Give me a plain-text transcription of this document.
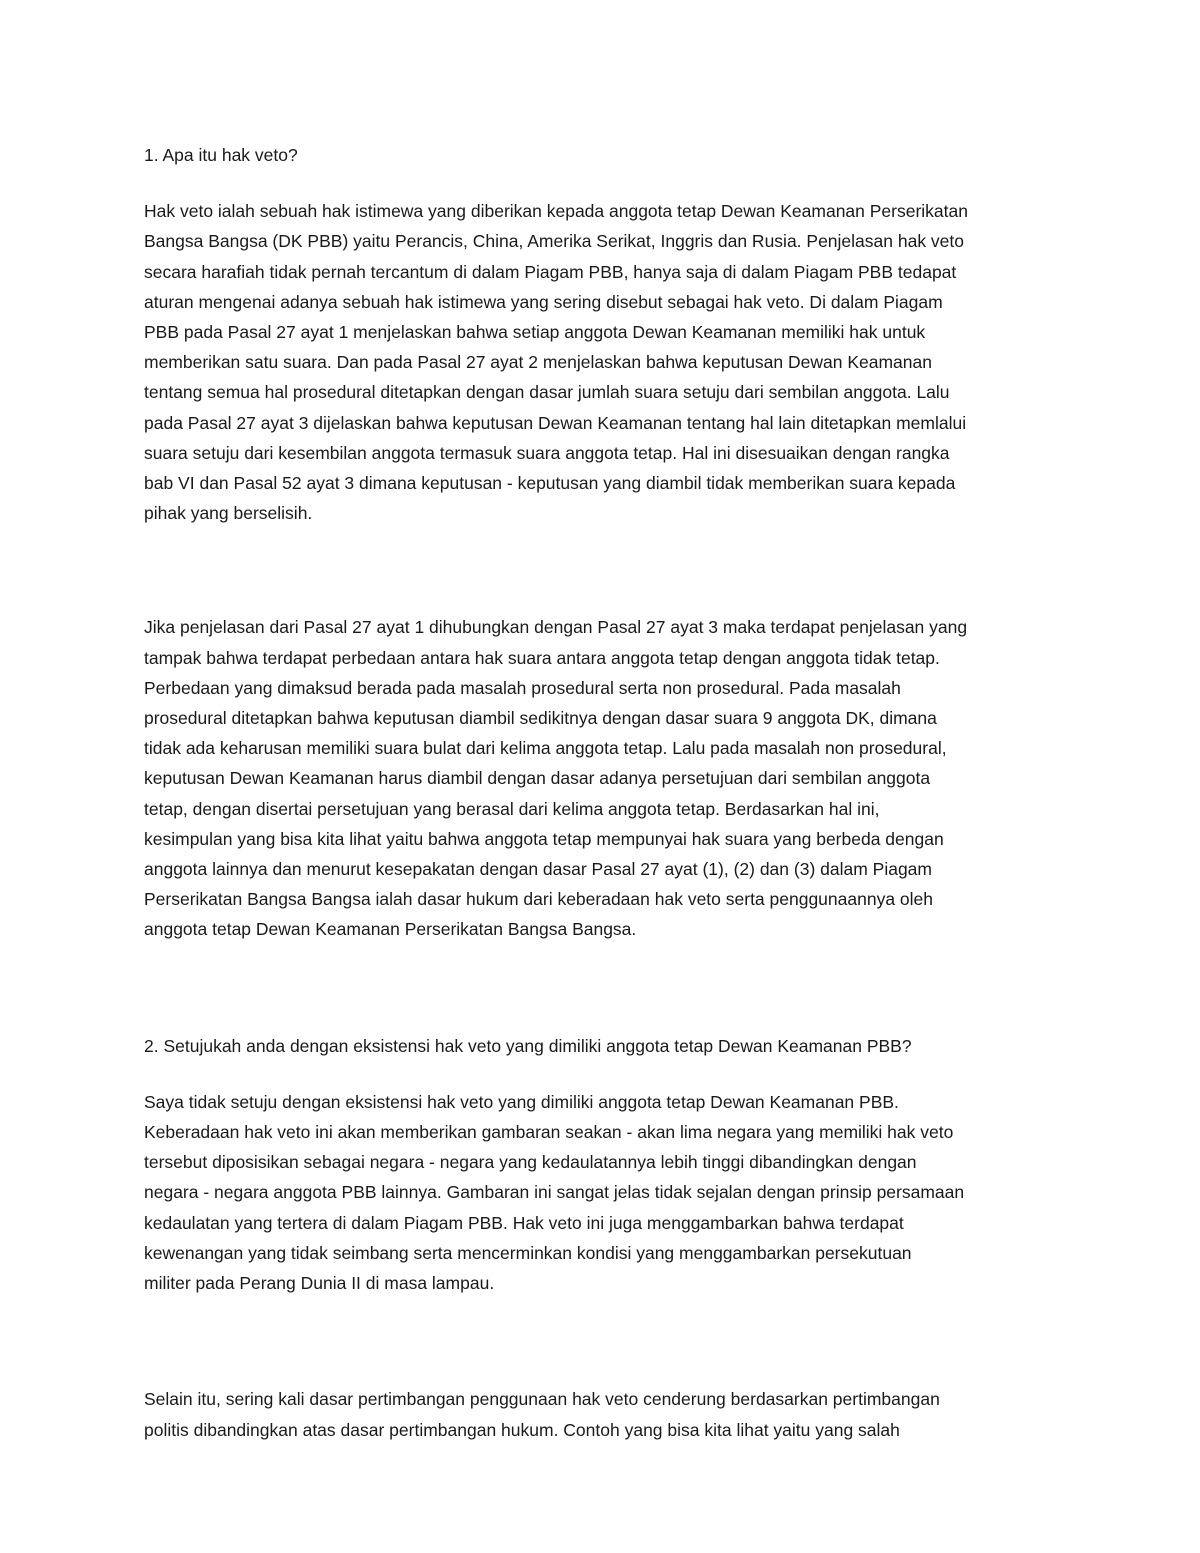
1. Apa itu hak veto?

Hak veto ialah sebuah hak istimewa yang diberikan kepada anggota tetap Dewan Keamanan Perserikatan
Bangsa Bangsa (DK PBB) yaitu Perancis, China, Amerika Serikat, Inggris dan Rusia. Penjelasan hak veto
secara harafiah tidak pernah tercantum di dalam Piagam PBB, hanya saja di dalam Piagam PBB tedapat
aturan mengenai adanya sebuah hak istimewa yang sering disebut sebagai hak veto. Di dalam Piagam
PBB pada Pasal 27 ayat 1 menjelaskan bahwa setiap anggota Dewan Keamanan memiliki hak untuk
memberikan satu suara. Dan pada Pasal 27 ayat 2 menjelaskan bahwa keputusan Dewan Keamanan
tentang semua hal prosedural ditetapkan dengan dasar jumlah suara setuju dari sembilan anggota. Lalu
pada Pasal 27 ayat 3 dijelaskan bahwa keputusan Dewan Keamanan tentang hal lain ditetapkan memlalui
suara setuju dari kesembilan anggota termasuk suara anggota tetap. Hal ini disesuaikan dengan rangka
bab VI dan Pasal 52 ayat 3 dimana keputusan - keputusan yang diambil tidak memberikan suara kepada
pihak yang berselisih.
Jika penjelasan dari Pasal 27 ayat 1 dihubungkan dengan Pasal 27 ayat 3 maka terdapat penjelasan yang
tampak bahwa terdapat perbedaan antara hak suara antara anggota tetap dengan anggota tidak tetap.
Perbedaan yang dimaksud berada pada masalah prosedural serta non prosedural. Pada masalah
prosedural ditetapkan bahwa keputusan diambil sedikitnya dengan dasar suara 9 anggota DK, dimana
tidak ada keharusan memiliki suara bulat dari kelima anggota tetap. Lalu pada masalah non prosedural,
keputusan Dewan Keamanan harus diambil dengan dasar adanya persetujuan dari sembilan anggota
tetap, dengan disertai persetujuan yang berasal dari kelima anggota tetap. Berdasarkan hal ini,
kesimpulan yang bisa kita lihat yaitu bahwa anggota tetap mempunyai hak suara yang berbeda dengan
anggota lainnya dan menurut kesepakatan dengan dasar Pasal 27 ayat (1), (2) dan (3) dalam Piagam
Perserikatan Bangsa Bangsa ialah dasar hukum dari keberadaan hak veto serta penggunaannya oleh
anggota tetap Dewan Keamanan Perserikatan Bangsa Bangsa.

2. Setujukah anda dengan eksistensi hak veto yang dimiliki anggota tetap Dewan Keamanan PBB?

Saya tidak setuju dengan eksistensi hak veto yang dimiliki anggota tetap Dewan Keamanan PBB.
Keberadaan hak veto ini akan memberikan gambaran seakan - akan lima negara yang memiliki hak veto
tersebut diposisikan sebagai negara - negara yang kedaulatannya lebih tinggi dibandingkan dengan
negara - negara anggota PBB lainnya. Gambaran ini sangat jelas tidak sejalan dengan prinsip persamaan
kedaulatan yang tertera di dalam Piagam PBB. Hak veto ini juga menggambarkan bahwa terdapat
kewenangan yang tidak seimbang serta mencerminkan kondisi yang menggambarkan persekutuan
militer pada Perang Dunia II di masa lampau.
Selain itu, sering kali dasar pertimbangan penggunaan hak veto cenderung berdasarkan pertimbangan
politis dibandingkan atas dasar pertimbangan hukum. Contoh yang bisa kita lihat yaitu yang salah
